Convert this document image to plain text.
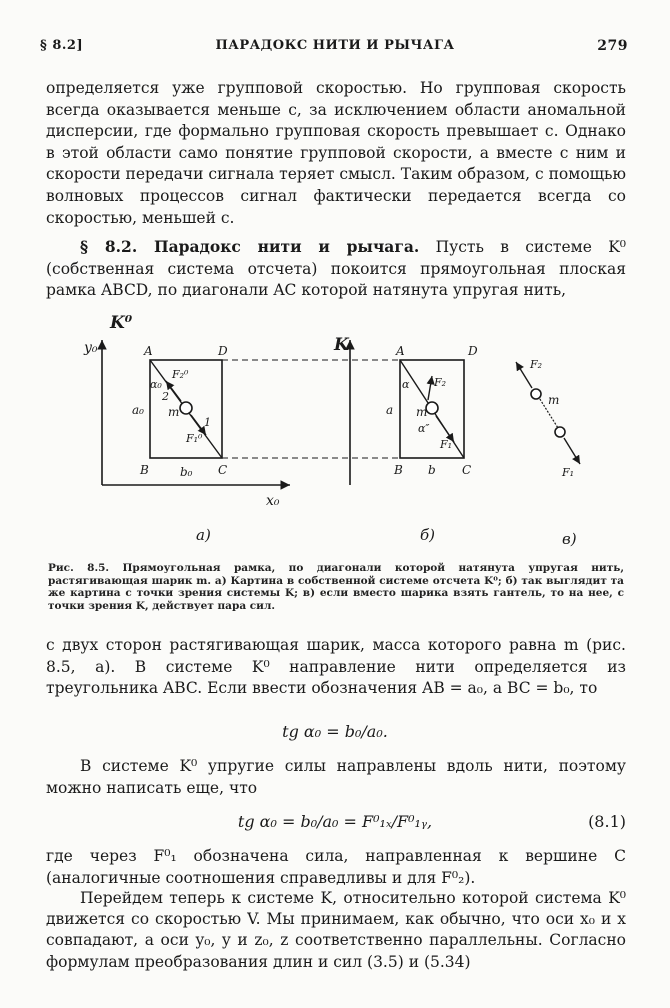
§ 8.2]	ПАРАДОКС НИТИ И РЫЧАГА	279
определяется уже групповой скоростью. Но групповая скорость всегда оказывается меньше c, за исключением области аномальной дисперсии, где формально групповая скорость превышает c. Однако в этой области само понятие групповой скорости, а вместе с ним и скорости передачи сигнала теряет смысл. Таким образом, с помощью волновых процессов сигнал фактически передается всегда со скоростью, меньшей c.
§ 8.2. Парадокс нити и рычага. Пусть в системе K⁰ (собственная система отсчета) покоится прямоугольная плоская рамка ABCD, по диагонали AC которой натянута упругая нить,
K⁰
y₀
x₀
A	D
B	C
a₀
b₀
α₀
F₂⁰
2
m
1
F₁⁰
а)
K	A	D
B	C
a
b
α
α″
F₂
F₁
m
б)
F₂
m
F₁
в)
Рис. 8.5. Прямоугольная рамка, по диагонали которой натянута упругая нить, растягивающая шарик m. а) Картина в собственной системе отсчета K⁰; б) так выглядит та же картина с точки зрения системы K; в) если вместо шарика взять гантель, то на нее, с точки зрения K, действует пара сил.
с двух сторон растягивающая шарик, масса которого равна m (рис. 8.5, а). В системе K⁰ направление нити определяется из треугольника ABC. Если ввести обозначения AB = a₀, а BC = b₀, то
tg α₀ = b₀/a₀.
В системе K⁰ упругие силы направлены вдоль нити, поэтому можно написать еще, что
tg α₀ = b₀/a₀ = F⁰₁ₓ/F⁰₁ᵧ,	(8.1)
где через F⁰₁ обозначена сила, направленная к вершине C (аналогичные соотношения справедливы и для F⁰₂).
Перейдем теперь к системе K, относительно которой система K⁰ движется со скоростью V. Мы принимаем, как обычно, что оси x₀ и x совпадают, а оси y₀, y и z₀, z соответственно параллельны. Согласно формулам преобразования длин и сил (3.5) и (5.34)
